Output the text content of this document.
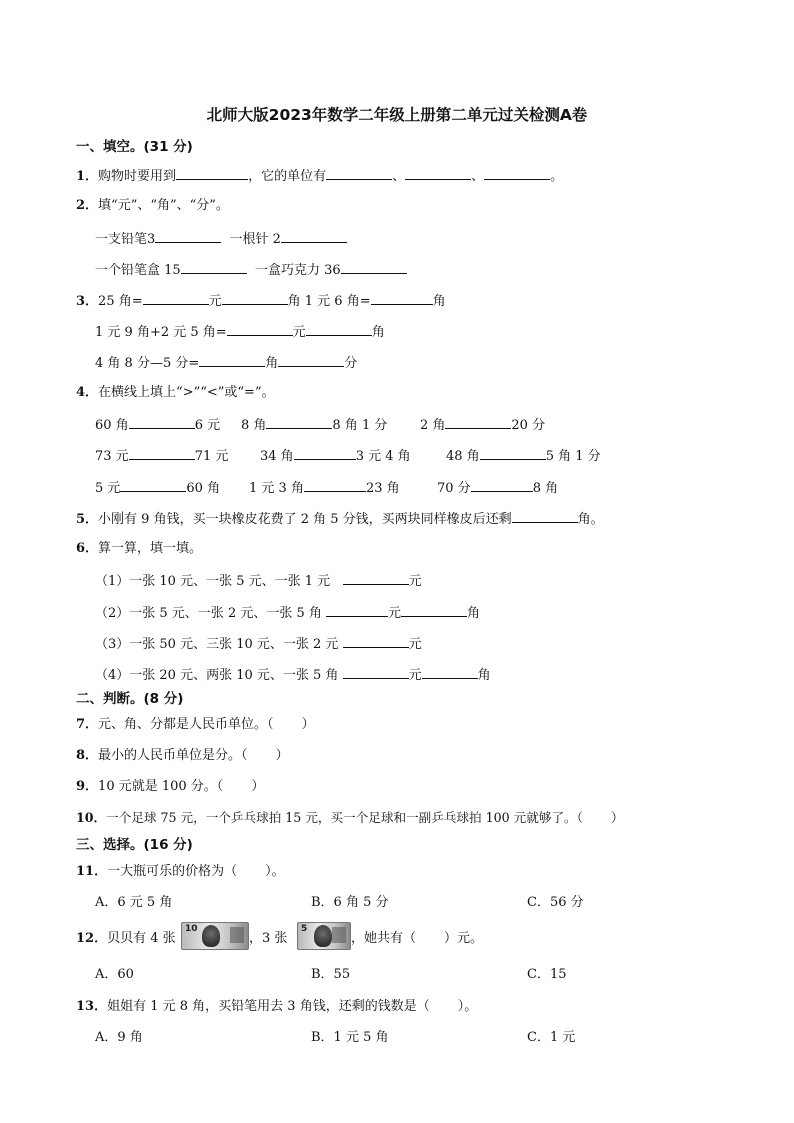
北师大版2023年数学二年级上册第二单元过关检测A卷
一、填空。(31 分)
1．购物时要用到	，它的单位有	、	、	。
2．填“元”、“角”、“分”。
一支铅笔3	一根针 2
一个铅笔盒 15	一盒巧克力 36
3．25 角=	元	角 1 元 6 角=	角
1 元 9 角+2 元 5 角=	元	角
4 角 8 分—5 分=	角	分
4．在横线上填上“>”“<”或“=”。
60 角	6 元 8 角	8 角 1 分	2 角	20 分
73 元	71 元 34 角	3 元 4 角	48 角	5 角 1 分
5 元	60 角 1 元 3 角	23 角	70 分	8 角
5．小刚有 9 角钱，买一块橡皮花费了 2 角 5 分钱，买两块同样橡皮后还剩	角。
6．算一算，填一填。
（1）一张 10 元、一张 5 元、一张 1 元	元
（2）一张 5 元、一张 2 元、一张 5 角	元	角
（3）一张 50 元、三张 10 元、一张 2 元	元
（4）一张 20 元、两张 10 元、一张 5 角	元	角
二、判断。(8 分)
7．元、角、分都是人民币单位。（ ）
8．最小的人民币单位是分。（ ）
9．10 元就是 100 分。（ ）
10．一个足球 75 元，一个乒乓球拍 15 元，买一个足球和一副乒乓球拍 100 元就够了。（ ）
三、选择。(16 分)
11．一大瓶可乐的价格为（ ）。
A．6 元 5 角	B．6 角 5 分	C．56 分
12．贝贝有 4 张
10
，3 张
5
，她共有（ ）元。
A．60	B．55	C．15
13．姐姐有 1 元 8 角，买铅笔用去 3 角钱，还剩的钱数是（ ）。
A．9 角	B．1 元 5 角	C．1 元
